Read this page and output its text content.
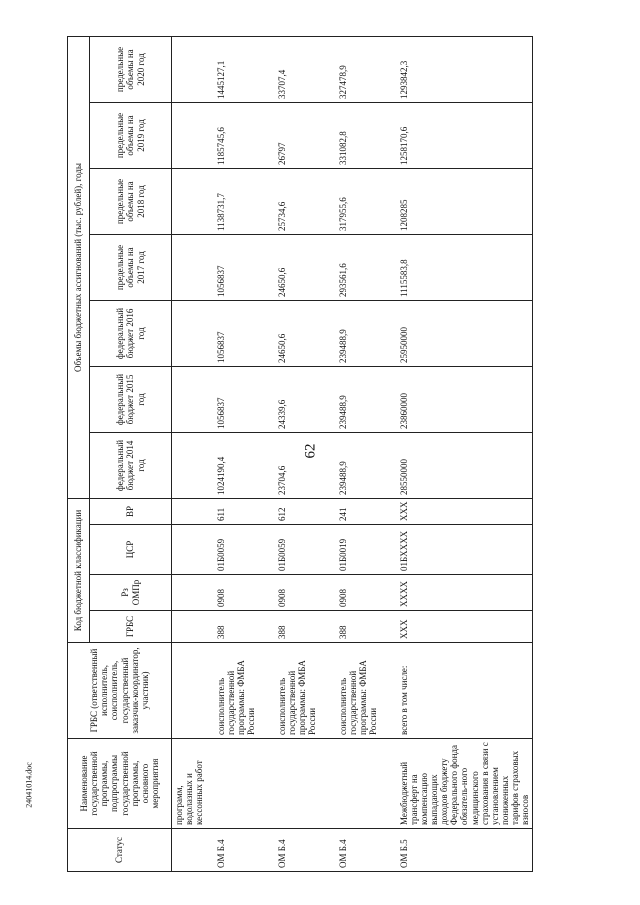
62
24041014.doc
Статус	Наименование государственной программы, подпрограммы государственной программы, основного мероприятия	ГРБС (ответственный исполнитель, соисполнитель, государственный заказчик-координатор, участник)	Код бюджетной классификации				Объемы бюджетных ассигнований (тыс. рублей), годы						
			ГРБС	Рз ОМПр	ЦСР	ВР	федеральный бюджет 2014 год	федеральный бюджет 2015 год	федеральный бюджет 2016 год	предельные объемы на 2017 год	предельные объемы на 2018 год	предельные объемы на 2019 год	предельные объемы на 2020 год
	программ, водолазных и кессонных работ												
ОМ Б.4		соисполнитель государственной программы: ФМБА России	388	0908	01Б0059	611	1024190,4	1056837	1056837	1056837	1138731,7	1185745,6	1445127,1
ОМ Б.4		соисполнитель государственной программы: ФМБА России	388	0908	01Б0059	612	23704,6	24339,6	24650,6	24650,6	25734,6	26797	33707,4
ОМ Б.4		соисполнитель государственной программы: ФМБА России	388	0908	01Б0019	241	239488,9	239488,9	239488,9	293561,6	317955,6	331082,8	327478,9
ОМ Б.5	Межбюджетный трансферт на компенсацию выпадающих доходов бюджету Федерального фонда обязатель-ного медицинского страхования в связи с установлением пониженных тарифов страховых взносов	всего в том числе:	XXX	XXXX	01БXXXX	XXX	28550000	23860000	25950000	1115583,8	1208285	1258170,6	1293842,3
